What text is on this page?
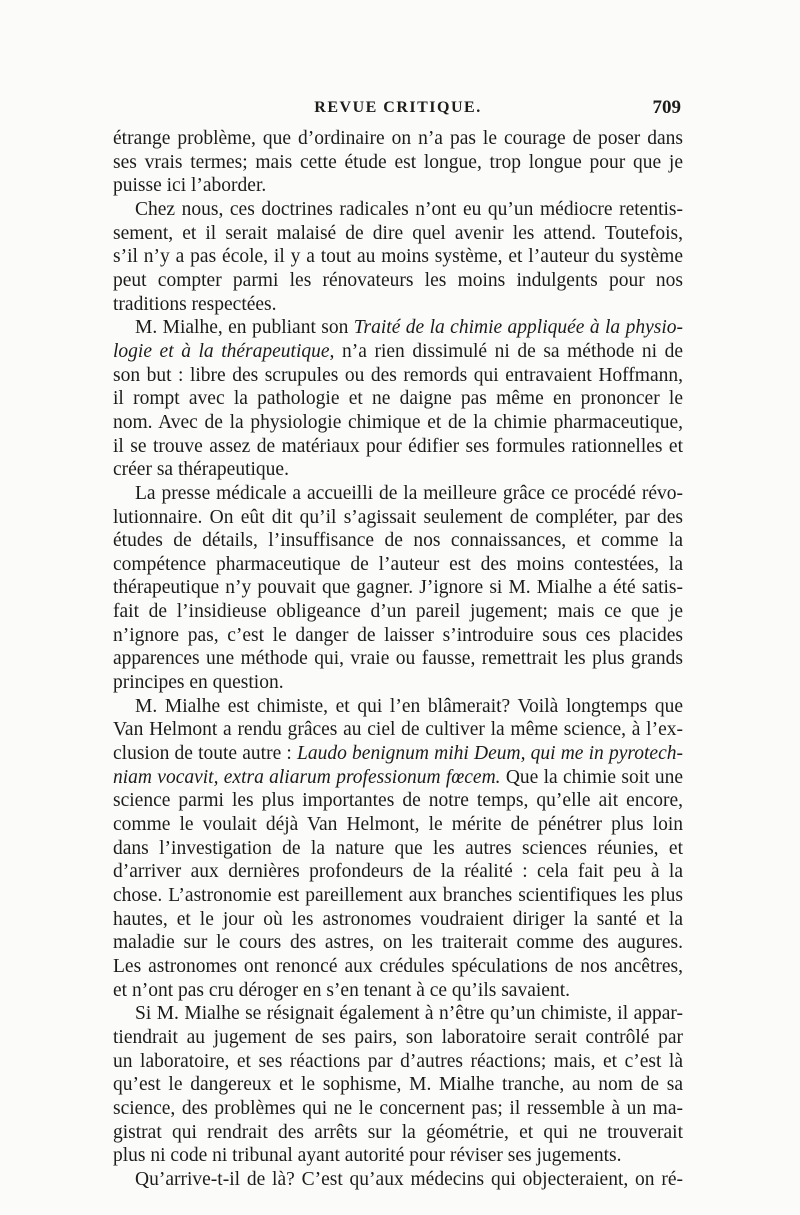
REVUE CRITIQUE.	709
étrange problème, que d’ordinaire on n’a pas le courage de poser dans
ses vrais termes; mais cette étude est longue, trop longue pour que je
puisse ici l’aborder.
Chez nous, ces doctrines radicales n’ont eu qu’un médiocre retentis-
sement, et il serait malaisé de dire quel avenir les attend. Toutefois,
s’il n’y a pas école, il y a tout au moins système, et l’auteur du système
peut compter parmi les rénovateurs les moins indulgents pour nos
traditions respectées.
M. Mialhe, en publiant son Traité de la chimie appliquée à la physio-
logie et à la thérapeutique, n’a rien dissimulé ni de sa méthode ni de
son but : libre des scrupules ou des remords qui entravaient Hoffmann,
il rompt avec la pathologie et ne daigne pas même en prononcer le
nom. Avec de la physiologie chimique et de la chimie pharmaceutique,
il se trouve assez de matériaux pour édifier ses formules rationnelles et
créer sa thérapeutique.
La presse médicale a accueilli de la meilleure grâce ce procédé révo-
lutionnaire. On eût dit qu’il s’agissait seulement de compléter, par des
études de détails, l’insuffisance de nos connaissances, et comme la
compétence pharmaceutique de l’auteur est des moins contestées, la
thérapeutique n’y pouvait que gagner. J’ignore si M. Mialhe a été satis-
fait de l’insidieuse obligeance d’un pareil jugement; mais ce que je
n’ignore pas, c’est le danger de laisser s’introduire sous ces placides
apparences une méthode qui, vraie ou fausse, remettrait les plus grands
principes en question.
M. Mialhe est chimiste, et qui l’en blâmerait? Voilà longtemps que
Van Helmont a rendu grâces au ciel de cultiver la même science, à l’ex-
clusion de toute autre : Laudo benignum mihi Deum, qui me in pyrotech-
niam vocavit, extra aliarum professionum fœcem. Que la chimie soit une
science parmi les plus importantes de notre temps, qu’elle ait encore,
comme le voulait déjà Van Helmont, le mérite de pénétrer plus loin
dans l’investigation de la nature que les autres sciences réunies, et
d’arriver aux dernières profondeurs de la réalité : cela fait peu à la
chose. L’astronomie est pareillement aux branches scientifiques les plus
hautes, et le jour où les astronomes voudraient diriger la santé et la
maladie sur le cours des astres, on les traiterait comme des augures.
Les astronomes ont renoncé aux crédules spéculations de nos ancêtres,
et n’ont pas cru déroger en s’en tenant à ce qu’ils savaient.
Si M. Mialhe se résignait également à n’être qu’un chimiste, il appar-
tiendrait au jugement de ses pairs, son laboratoire serait contrôlé par
un laboratoire, et ses réactions par d’autres réactions; mais, et c’est là
qu’est le dangereux et le sophisme, M. Mialhe tranche, au nom de sa
science, des problèmes qui ne le concernent pas; il ressemble à un ma-
gistrat qui rendrait des arrêts sur la géométrie, et qui ne trouverait
plus ni code ni tribunal ayant autorité pour réviser ses jugements.
Qu’arrive-t-il de là? C’est qu’aux médecins qui objecteraient, on ré-
